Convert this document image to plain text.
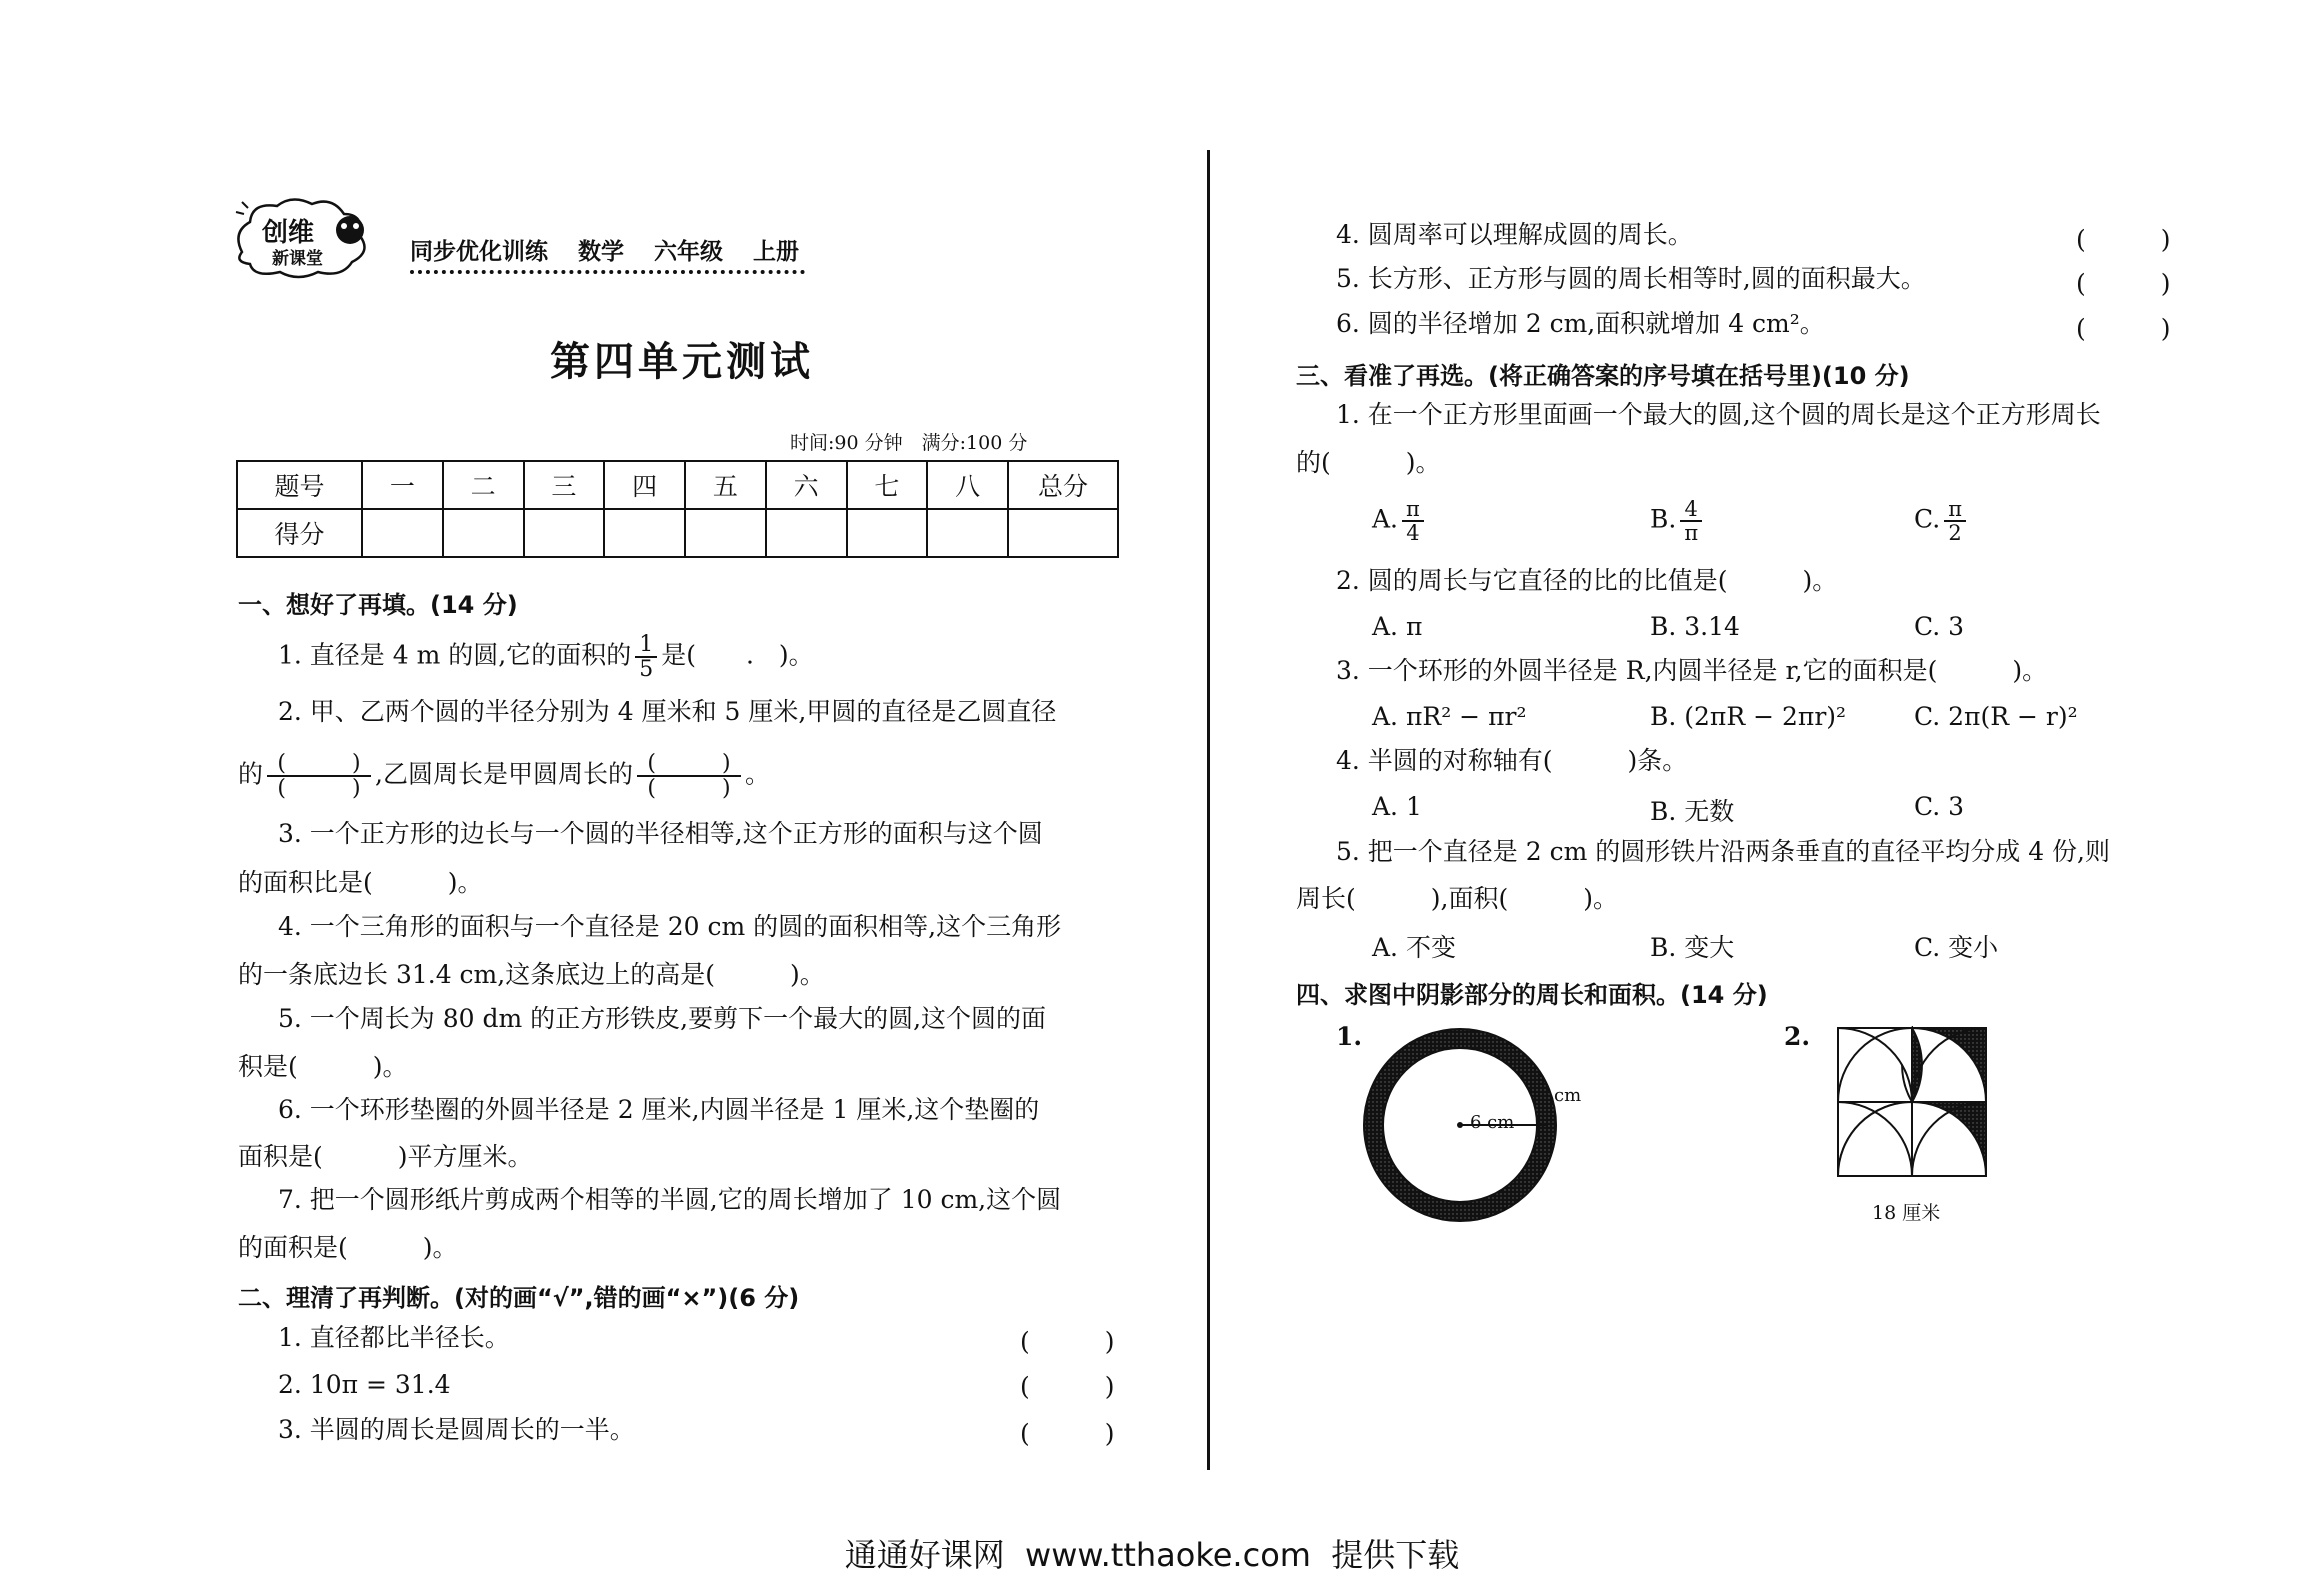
创维
新课堂	同步优化训练 数学 六年级 上册
第四单元测试
时间:90 分钟　满分:100 分
题号	一	二	三	四	五	六	七	八	总分
得分									
一、想好了再填。(14 分)
1. 直径是 4 m 的圆,它的面积的 $\frac{1}{5}$ 是(　　.　)。
2. 甲、乙两个圆的半径分别为 4 厘米和 5 厘米,甲圆的直径是乙圆直径
的 $\frac{( )}{( )}$ ,乙圆周长是甲圆周长的 $\frac{( )}{( )}$ 。
3. 一个正方形的边长与一个圆的半径相等,这个正方形的面积与这个圆
的面积比是(　　　)。
4. 一个三角形的面积与一个直径是 20 cm 的圆的面积相等,这个三角形
的一条底边长 31.4 cm,这条底边上的高是(　　　)。
5. 一个周长为 80 dm 的正方形铁皮,要剪下一个最大的圆,这个圆的面
积是(　　　)。
6. 一个环形垫圈的外圆半径是 2 厘米,内圆半径是 1 厘米,这个垫圈的
面积是(　　　)平方厘米。
7. 把一个圆形纸片剪成两个相等的半圆,它的周长增加了 10 cm,这个圆
的面积是(　　　)。
二、理清了再判断。(对的画“√”,错的画“×”)(6 分)
1. 直径都比半径长。	(　　　)
2. 10π = 31.4	(　　　)
3. 半圆的周长是圆周长的一半。	(　　　)
4. 圆周率可以理解成圆的周长。	(　　　)
5. 长方形、正方形与圆的周长相等时,圆的面积最大。	(　　　)
6. 圆的半径增加 2 cm,面积就增加 4 cm²。	(　　　)
三、看准了再选。(将正确答案的序号填在括号里)(10 分)
1. 在一个正方形里面画一个最大的圆,这个圆的周长是这个正方形周长
的(　　　)。
A. $\frac{\pi}{4}$	B. $\frac{4}{\pi}$	C. $\frac{\pi}{2}$
2. 圆的周长与它直径的比的比值是(　　　)。
A. π	B. 3.14	C. 3
3. 一个环形的外圆半径是 R,内圆半径是 r,它的面积是(　　　)。
A. πR² − πr²	B. (2πR − 2πr)²	C. 2π(R − r)²
4. 半圆的对称轴有(　　　)条。
A. 1	B. 无数	C. 3
5. 把一个直径是 2 cm 的圆形铁片沿两条垂直的直径平均分成 4 份,则
周长(　　　),面积(　　　)。
A. 不变	B. 变大	C. 变小
四、求图中阴影部分的周长和面积。(14 分)
1.
cm
6 cm
2.
18 厘米
通通好课网  www.tthaoke.com  提供下载
